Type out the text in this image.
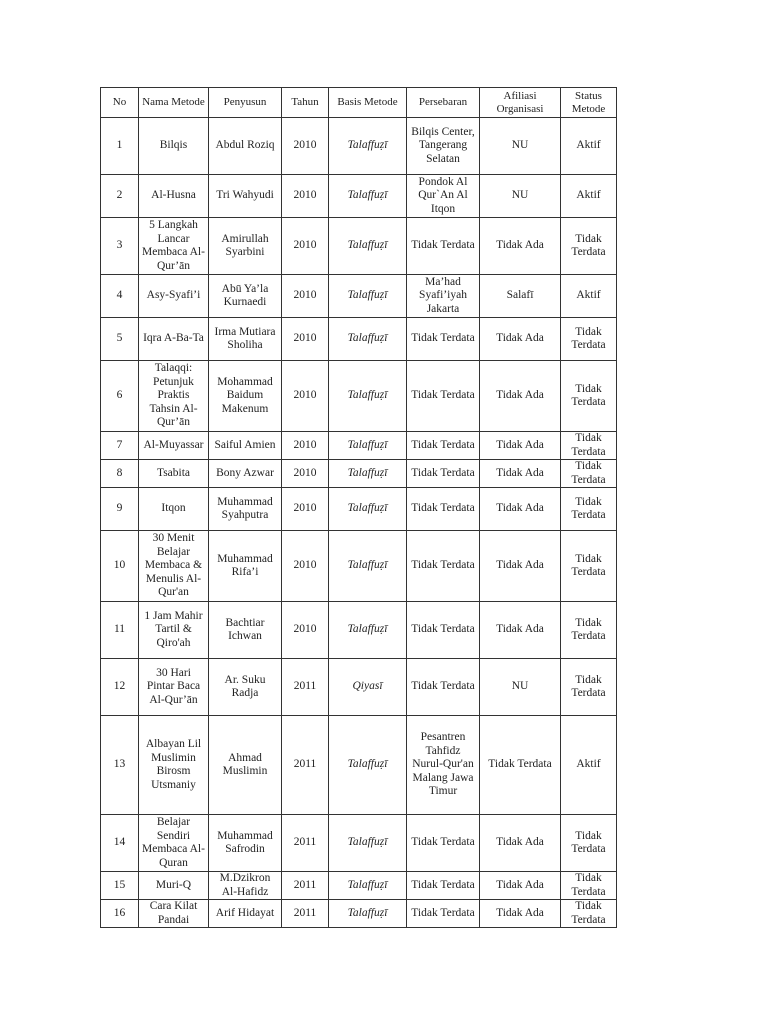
No	Nama Metode	Penyusun	Tahun	Basis Metode	Persebaran	Afiliasi Organisasi	Status Metode
1	Bilqis	Abdul Roziq	2010	Talaffuẓī	Bilqis Center, Tangerang Selatan	NU	Aktif
2	Al-Husna	Tri Wahyudi	2010	Talaffuẓī	Pondok Al Qur`An Al Itqon	NU	Aktif
3	5 Langkah Lancar Membaca Al-Qur’ān	Amirullah Syarbini	2010	Talaffuẓī	Tidak Terdata	Tidak Ada	Tidak Terdata
4	Asy-Syafi’i	Abū Ya’la Kurnaedi	2010	Talaffuẓī	Ma’had Syafi’iyah Jakarta	Salafī	Aktif
5	Iqra A-Ba-Ta	Irma Mutiara Sholiha	2010	Talaffuẓī	Tidak Terdata	Tidak Ada	Tidak Terdata
6	Talaqqi: Petunjuk Praktis Tahsin Al-Qur’ān	Mohammad Baidum Makenum	2010	Talaffuẓī	Tidak Terdata	Tidak Ada	Tidak Terdata
7	Al-Muyassar	Saiful Amien	2010	Talaffuẓī	Tidak Terdata	Tidak Ada	Tidak Terdata
8	Tsabita	Bony Azwar	2010	Talaffuẓī	Tidak Terdata	Tidak Ada	Tidak Terdata
9	Itqon	Muhammad Syahputra	2010	Talaffuẓī	Tidak Terdata	Tidak Ada	Tidak Terdata
10	30 Menit Belajar Membaca & Menulis Al-Qur'an	Muhammad Rifa’i	2010	Talaffuẓī	Tidak Terdata	Tidak Ada	Tidak Terdata
11	1 Jam Mahir Tartil & Qiro'ah	Bachtiar Ichwan	2010	Talaffuẓī	Tidak Terdata	Tidak Ada	Tidak Terdata
12	30 Hari Pintar Baca Al-Qur’ān	Ar. Suku Radja	2011	Qiyasī	Tidak Terdata	NU	Tidak Terdata
13	Albayan Lil Muslimin Birosm Utsmaniy	Ahmad Muslimin	2011	Talaffuẓī	Pesantren Tahfidz Nurul-Qur'an Malang Jawa Timur	Tidak Terdata	Aktif
14	Belajar Sendiri Membaca Al-Quran	Muhammad Safrodin	2011	Talaffuẓī	Tidak Terdata	Tidak Ada	Tidak Terdata
15	Muri-Q	M.Dzikron Al-Hafidz	2011	Talaffuẓī	Tidak Terdata	Tidak Ada	Tidak Terdata
16	Cara Kilat Pandai	Arif Hidayat	2011	Talaffuẓī	Tidak Terdata	Tidak Ada	Tidak Terdata
